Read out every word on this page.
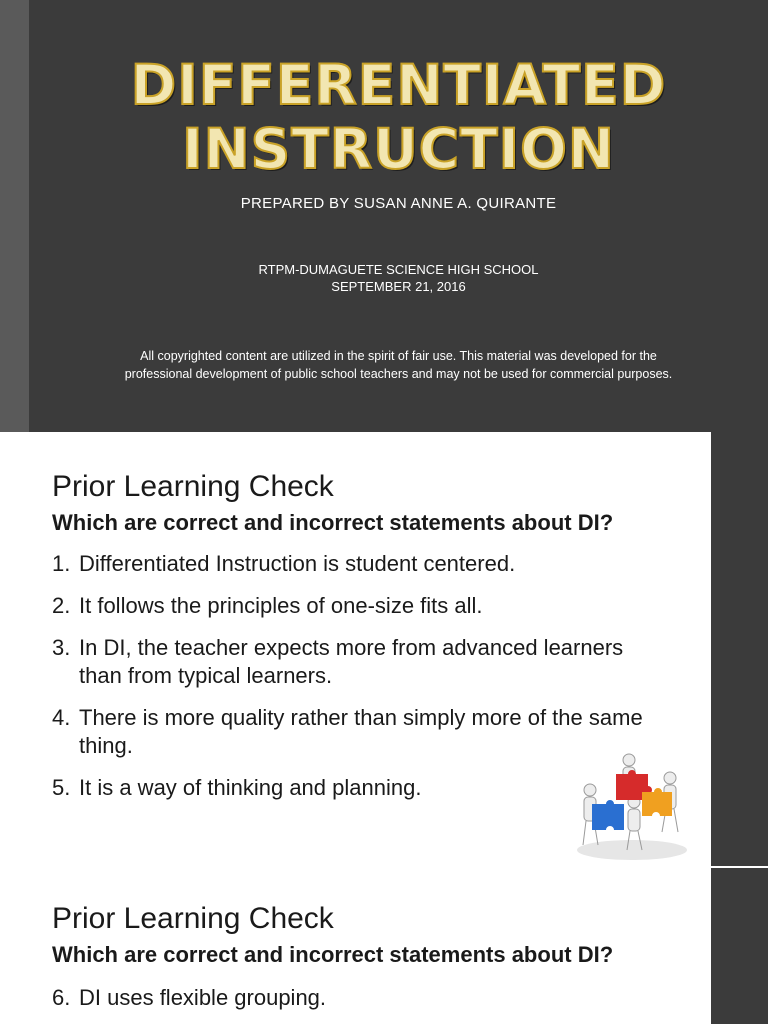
DIFFERENTIATED
INSTRUCTION
PREPARED BY SUSAN ANNE A. QUIRANTE
RTPM-DUMAGUETE SCIENCE HIGH SCHOOL
SEPTEMBER 21, 2016
All copyrighted content are utilized in the spirit of fair use. This material was developed for the
professional development of public school teachers and may not be used for commercial purposes.
Prior Learning Check
Which are correct and incorrect statements about DI?
1. Differentiated Instruction is student centered.
2. It follows the principles of one-size fits all.
3. In DI, the teacher expects more from advanced learners than from typical learners.
4. There is more quality rather than simply more of the same thing.
5. It is a way of thinking and planning.
Prior Learning Check
Which are correct and incorrect statements about DI?
6. DI uses flexible grouping.
